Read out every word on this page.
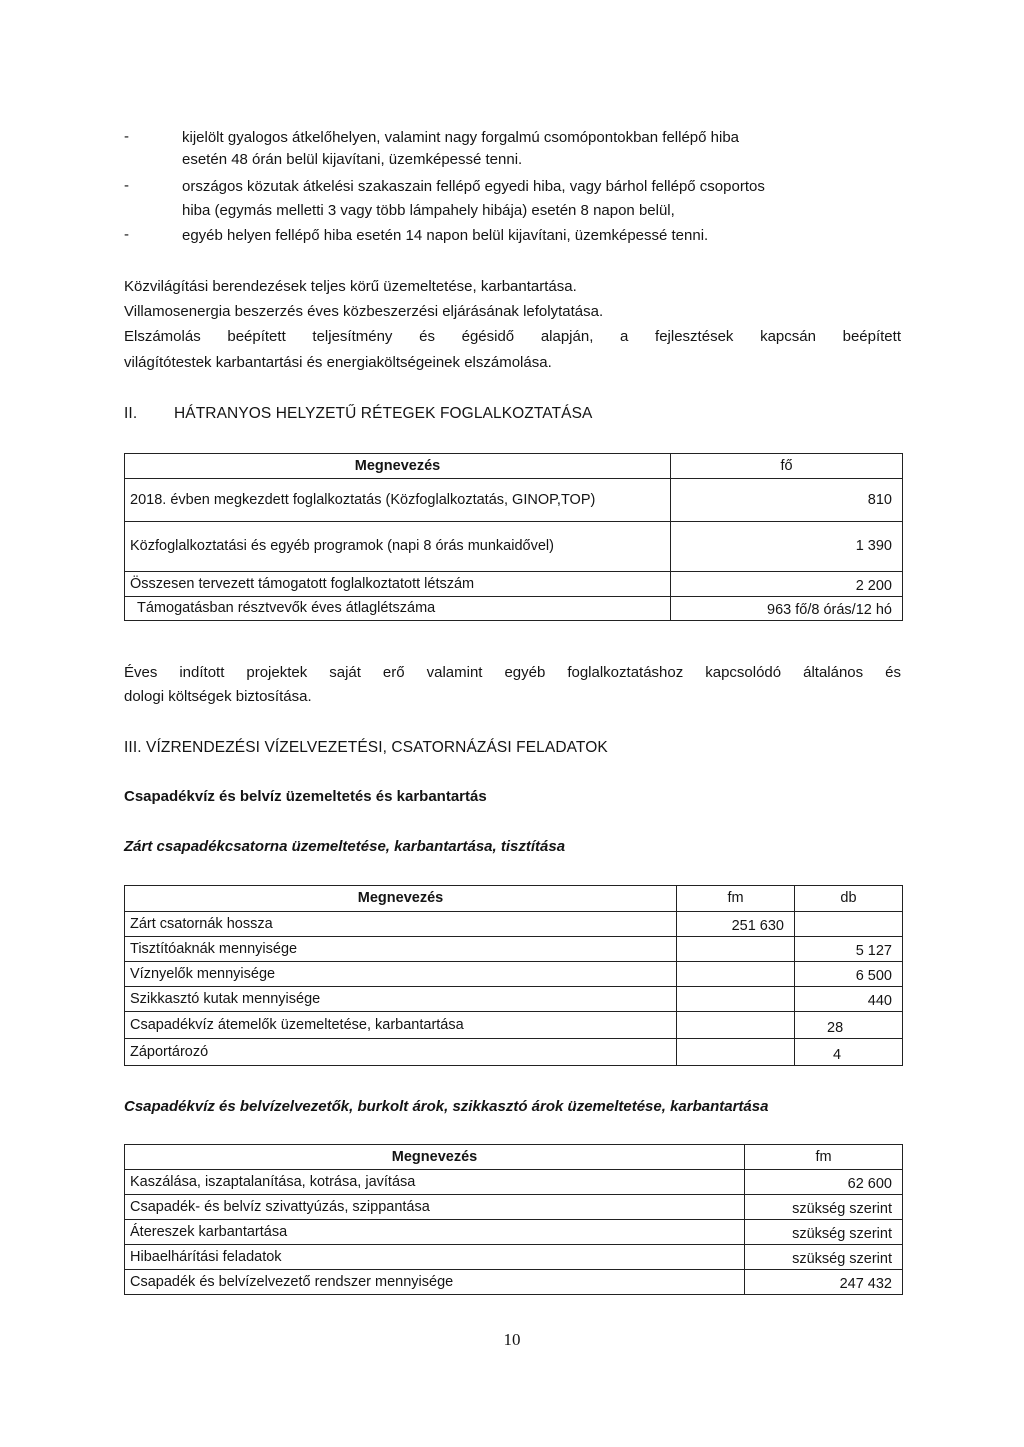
-	kijelölt gyalogos átkelőhelyen, valamint nagy forgalmú csomópontokban fellépő hiba
esetén 48 órán belül kijavítani, üzemképessé tenni.
-	országos közutak átkelési szakaszain fellépő egyedi hiba, vagy bárhol fellépő csoportos
hiba (egymás melletti 3 vagy több lámpahely hibája) esetén 8 napon belül,
-	egyéb helyen fellépő hiba esetén 14 napon belül kijavítani, üzemképessé tenni.
Közvilágítási berendezések teljes körű üzemeltetése, karbantartása.
Villamosenergia beszerzés éves közbeszerzési eljárásának lefolytatása.
Elszámolás beépített teljesítmény és égésidő alapján, a fejlesztések kapcsán beépített
világítótestek karbantartási és energiaköltségeinek elszámolása.
II. HÁTRANYOS HELYZETŰ RÉTEGEK FOGLALKOZTATÁSA
Megnevezés	fő
2018. évben megkezdett foglalkoztatás (Közfoglalkoztatás, GINOP,TOP)	810
Közfoglalkoztatási és egyéb programok (napi 8 órás munkaidővel)	1 390
Összesen tervezett támogatott foglalkoztatott létszám	2 200
Támogatásban résztvevők éves átlaglétszáma	963 fő/8 órás/12 hó
Éves indított projektek saját erő valamint egyéb foglalkoztatáshoz kapcsolódó általános és
dologi költségek biztosítása.
III. VÍZRENDEZÉSI VÍZELVEZETÉSI, CSATORNÁZÁSI FELADATOK
Csapadékvíz és belvíz üzemeltetés és karbantartás
Zárt csapadékcsatorna üzemeltetése, karbantartása, tisztítása
Megnevezés	fm	db
Zárt csatornák hossza	251 630	
Tisztítóaknák mennyisége		5 127
Víznyelők mennyisége		6 500
Szikkasztó kutak mennyisége		440
Csapadékvíz átemelők üzemeltetése, karbantartása		28
Záportározó		4
Csapadékvíz és belvízelvezetők, burkolt árok, szikkasztó árok üzemeltetése, karbantartása
Megnevezés	fm
Kaszálása, iszaptalanítása, kotrása, javítása	62 600
Csapadék- és belvíz szivattyúzás, szippantása	szükség szerint
Átereszek karbantartása	szükség szerint
Hibaelhárítási feladatok	szükség szerint
Csapadék és belvízelvezető rendszer mennyisége	247 432
10
